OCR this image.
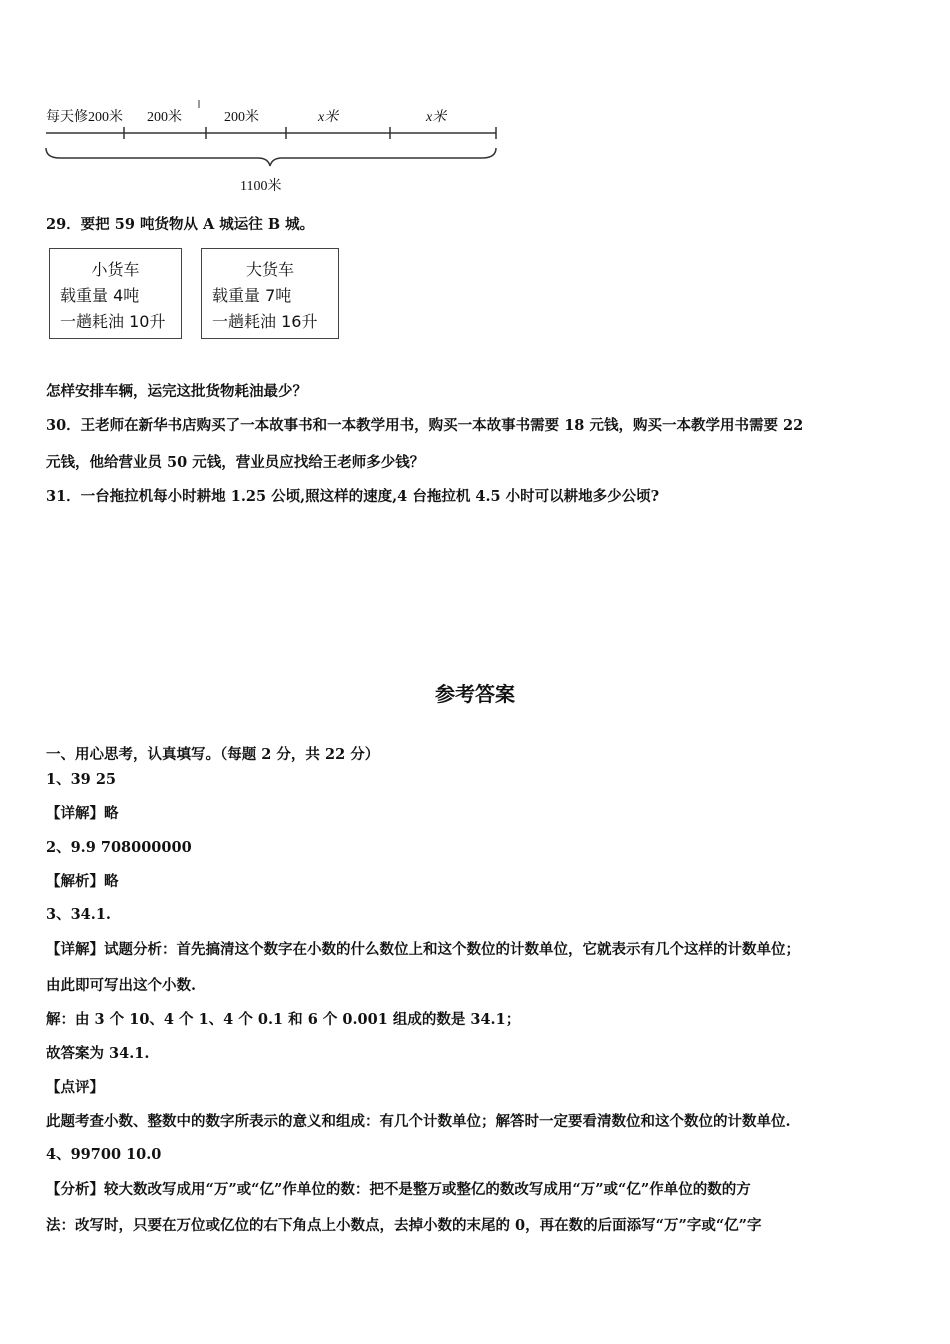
每天修200米 200米	200米	x米	x米
1100米
29．要把 59 吨货物从 A 城运往 B 城。
小货车
载重量 4吨
一趟耗油 10升
大货车
载重量 7吨
一趟耗油 16升
怎样安排车辆，运完这批货物耗油最少？
30．王老师在新华书店购买了一本故事书和一本教学用书，购买一本故事书需要 18 元钱，购买一本教学用书需要 22
元钱，他给营业员 50 元钱，营业员应找给王老师多少钱？
31．一台拖拉机每小时耕地 1.25 公顷,照这样的速度,4 台拖拉机 4.5 小时可以耕地多少公顷?
参考答案
一、用心思考，认真填写。（每题 2 分，共 22 分）
1、39 25
【详解】略
2、9.9 708000000
【解析】略
3、34.1.
【详解】试题分析：首先搞清这个数字在小数的什么数位上和这个数位的计数单位，它就表示有几个这样的计数单位；
由此即可写出这个小数.
解：由 3 个 10、4 个 1、4 个 0.1 和 6 个 0.001 组成的数是 34.1；
故答案为 34.1.
【点评】
此题考查小数、整数中的数字所表示的意义和组成：有几个计数单位；解答时一定要看清数位和这个数位的计数单位.
4、99700 10.0
【分析】较大数改写成用“万”或“亿”作单位的数：把不是整万或整亿的数改写成用“万”或“亿”作单位的数的方
法：改写时，只要在万位或亿位的右下角点上小数点，去掉小数的末尾的 0，再在数的后面添写“万”字或“亿”字
